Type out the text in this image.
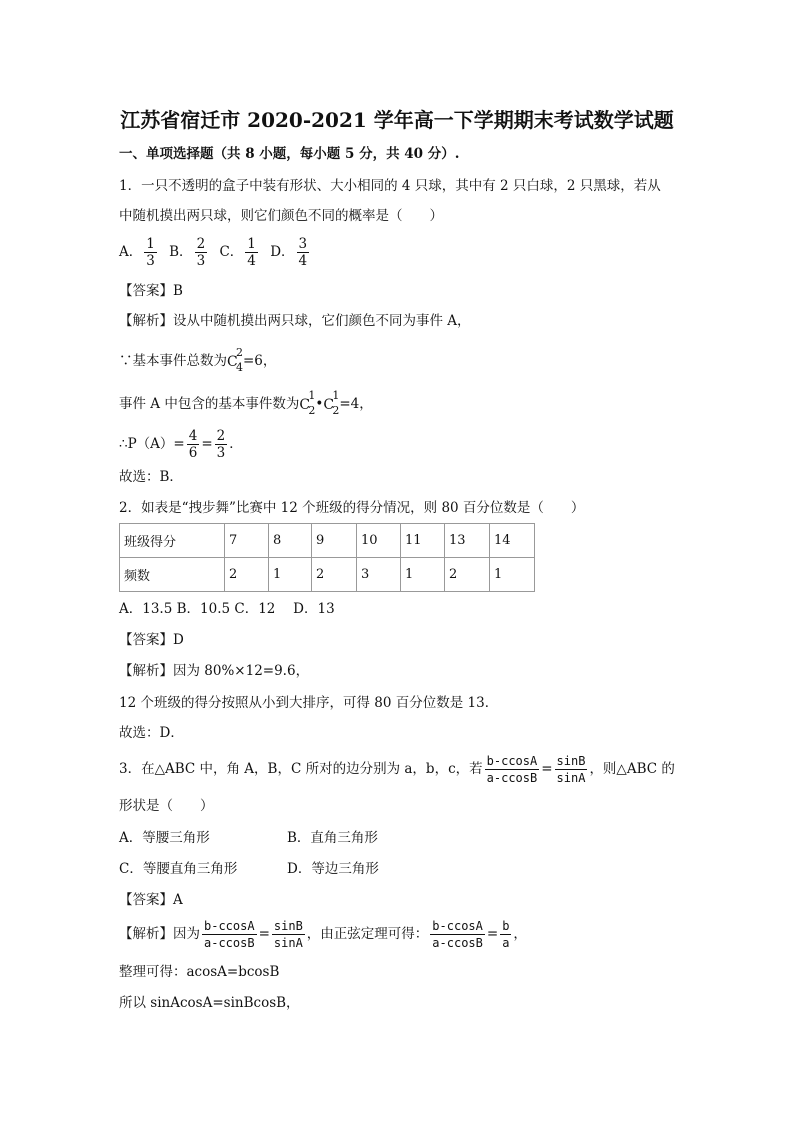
江苏省宿迁市 2020-2021 学年高一下学期期末考试数学试题
一、单项选择题（共 8 小题，每小题 5 分，共 40 分）.
1．一只不透明的盒子中装有形状、大小相同的 4 只球，其中有 2 只白球，2 只黑球，若从
中随机摸出两只球，则它们颜色不同的概率是（　　）
A． $\frac{1}{3}$ B． $\frac{2}{3}$ C． $\frac{1}{4}$ D． $\frac{3}{4}$
【答案】B
【解析】设从中随机摸出两只球，它们颜色不同为事件 A，
∵基本事件总数为 C
2
4 =6，
事件 A 中包含的基本事件数为 C
1
2 • C
1
2 =4，
∴P（A）= $\frac{4}{6} = \frac{2}{3}$ ．
故选：B．
2．如表是“拽步舞”比赛中 12 个班级的得分情况，则 80 百分位数是（　　）
班级得分	7	8	9	10	11	13	14
频数	2	1	2	3	1	2	1
A．13.5 B．10.5 C．12　 D．13
【答案】D
【解析】因为 80%×12=9.6，
12 个班级的得分按照从小到大排序，可得 80 百分位数是 13．
故选：D．
3．在△ABC 中，角 A，B，C 所对的边分别为 a，b，c，若 $\frac{b-ccosA}{a-ccosB} = \frac{\sin B}{\sin A}$ ，则△ABC 的
形状是（　　）
A．等腰三角形	B．直角三角形
C．等腰直角三角形	D．等边三角形
【答案】A
【解析】因为 $\frac{b-ccosA}{a-ccosB} = \frac{\sin B}{\sin A}$ ，由正弦定理可得： $\frac{b-ccosA}{a-ccosB} = \frac{b}{a}$ ，
整理可得：acosA=bcosB
所以 sinAcosA=sinBcosB，
